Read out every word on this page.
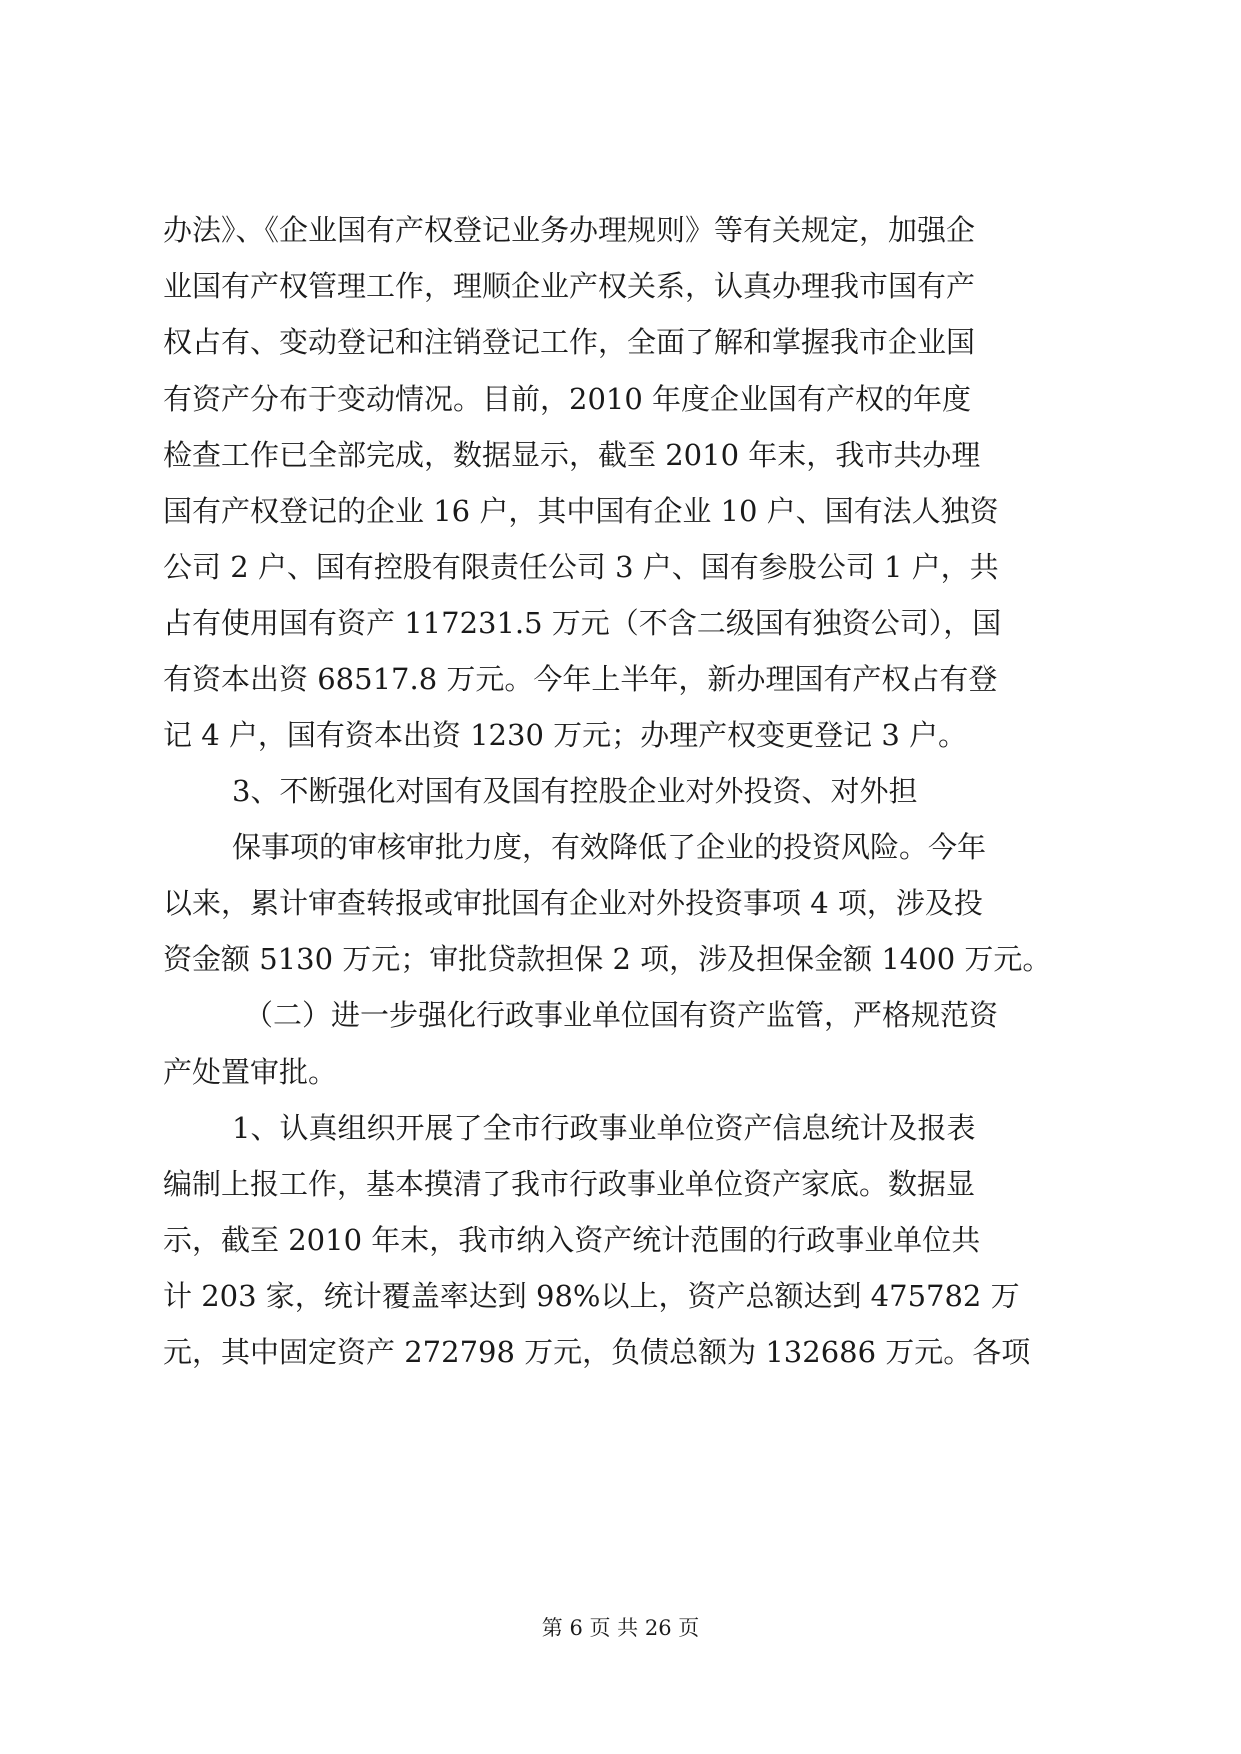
办法》、《企业国有产权登记业务办理规则》等有关规定，加强企
业国有产权管理工作，理顺企业产权关系，认真办理我市国有产
权占有、变动登记和注销登记工作，全面了解和掌握我市企业国
有资产分布于变动情况。目前，2010 年度企业国有产权的年度
检查工作已全部完成，数据显示，截至 2010 年末，我市共办理
国有产权登记的企业 16 户，其中国有企业 10 户、国有法人独资
公司 2 户、国有控股有限责任公司 3 户、国有参股公司 1 户，共
占有使用国有资产 117231.5 万元（不含二级国有独资公司），国
有资本出资 68517.8 万元。今年上半年，新办理国有产权占有登
记 4 户，国有资本出资 1230 万元；办理产权变更登记 3 户。
3、不断强化对国有及国有控股企业对外投资、对外担
保事项的审核审批力度，有效降低了企业的投资风险。今年
以来，累计审查转报或审批国有企业对外投资事项 4 项，涉及投
资金额 5130 万元；审批贷款担保 2 项，涉及担保金额 1400 万元。
（二）进一步强化行政事业单位国有资产监管，严格规范资
产处置审批。
1、认真组织开展了全市行政事业单位资产信息统计及报表
编制上报工作，基本摸清了我市行政事业单位资产家底。数据显
示，截至 2010 年末，我市纳入资产统计范围的行政事业单位共
计 203 家，统计覆盖率达到 98%以上，资产总额达到 475782 万
元，其中固定资产 272798 万元，负债总额为 132686 万元。各项
第 6 页 共 26 页
